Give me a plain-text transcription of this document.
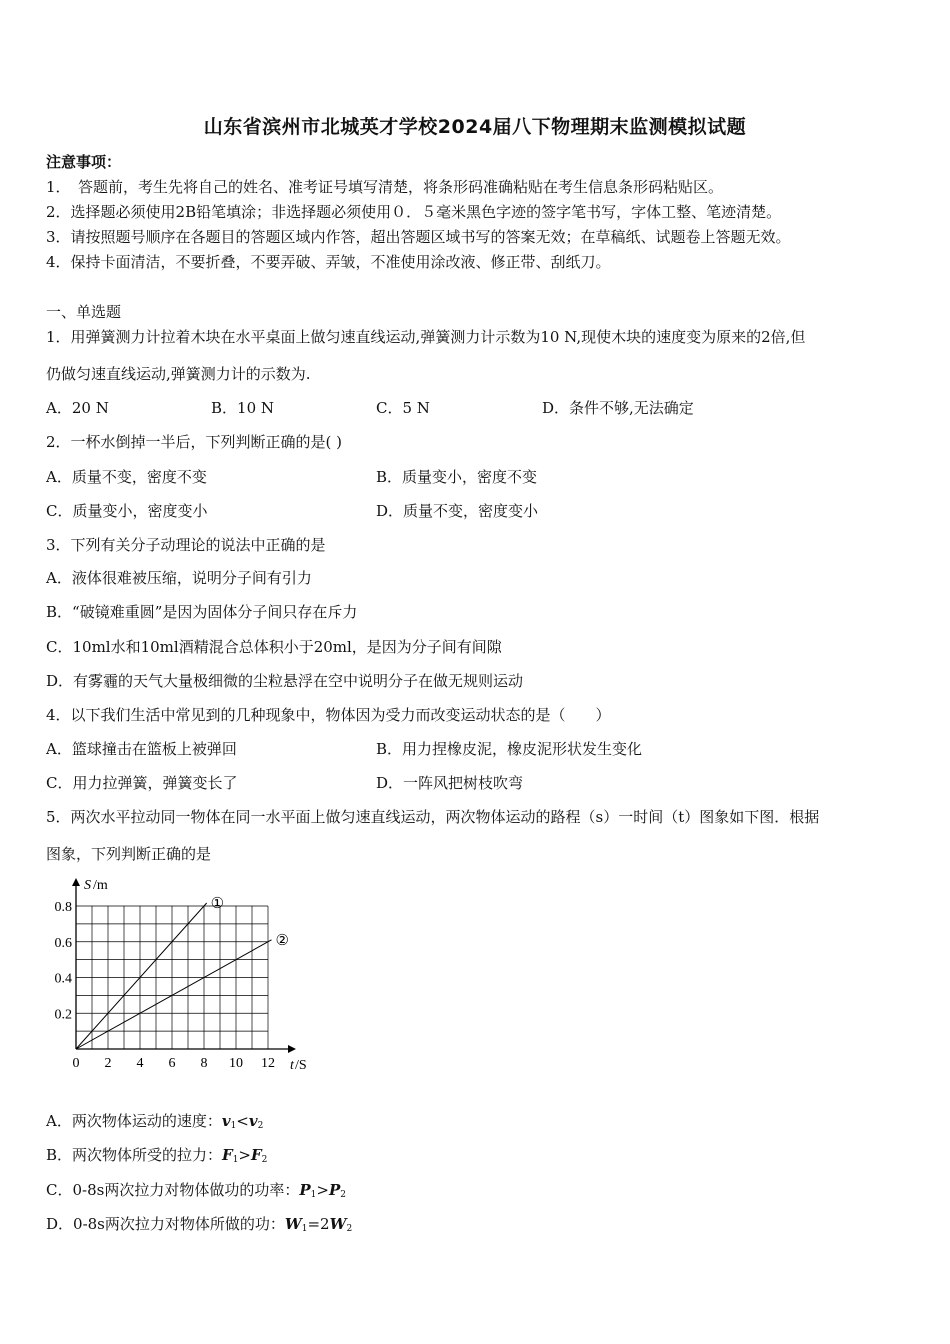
山东省滨州市北城英才学校2024届八下物理期末监测模拟试题
注意事项：
1．　答题前，考生先将自己的姓名、准考证号填写清楚，将条形码准确粘贴在考生信息条形码粘贴区。
2．选择题必须使用2B铅笔填涂；非选择题必须使用０．５毫米黑色字迹的签字笔书写，字体工整、笔迹清楚。
3．请按照题号顺序在各题目的答题区域内作答，超出答题区域书写的答案无效；在草稿纸、试题卷上答题无效。
4．保持卡面清洁，不要折叠，不要弄破、弄皱，不准使用涂改液、修正带、刮纸刀。
一、单选题
1．用弹簧测力计拉着木块在水平桌面上做匀速直线运动,弹簧测力计示数为10 N,现使木块的速度变为原来的2倍,但
仍做匀速直线运动,弹簧测力计的示数为.
A．20 N	B．10 N	C．5 N	D．条件不够,无法确定
2．一杯水倒掉一半后，下列判断正确的是( )
A．质量不变，密度不变	B．质量变小，密度不变
C．质量变小，密度变小	D．质量不变，密度变小
3．下列有关分子动理论的说法中正确的是
A．液体很难被压缩，说明分子间有引力
B．“破镜难重圆”是因为固体分子间只存在斥力
C．10ml水和10ml酒精混合总体积小于20ml，是因为分子间有间隙
D．有雾霾的天气大量极细微的尘粒悬浮在空中说明分子在做无规则运动
4．以下我们生活中常见到的几种现象中，物体因为受力而改变运动状态的是（　　）
A．篮球撞击在篮板上被弹回	B．用力捏橡皮泥，橡皮泥形状发生变化
C．用力拉弹簧，弹簧变长了	D．一阵风把树枝吹弯
5．两次水平拉动同一物体在同一水平面上做匀速直线运动，两次物体运动的路程（s）一时间（t）图象如下图．根据
图象，下列判断正确的是
0 2 4 6 8 10 12
0.2
0.4
0.6
0.8	①
②
S /m
t /S
A．两次物体运动的速度：$v_1<v_2$
B．两次物体所受的拉力：$F_1>F_2$
C．0-8s两次拉力对物体做功的功率：$P_1>P_2$
D．0-8s两次拉力对物体所做的功：$W_1=2W_2$
